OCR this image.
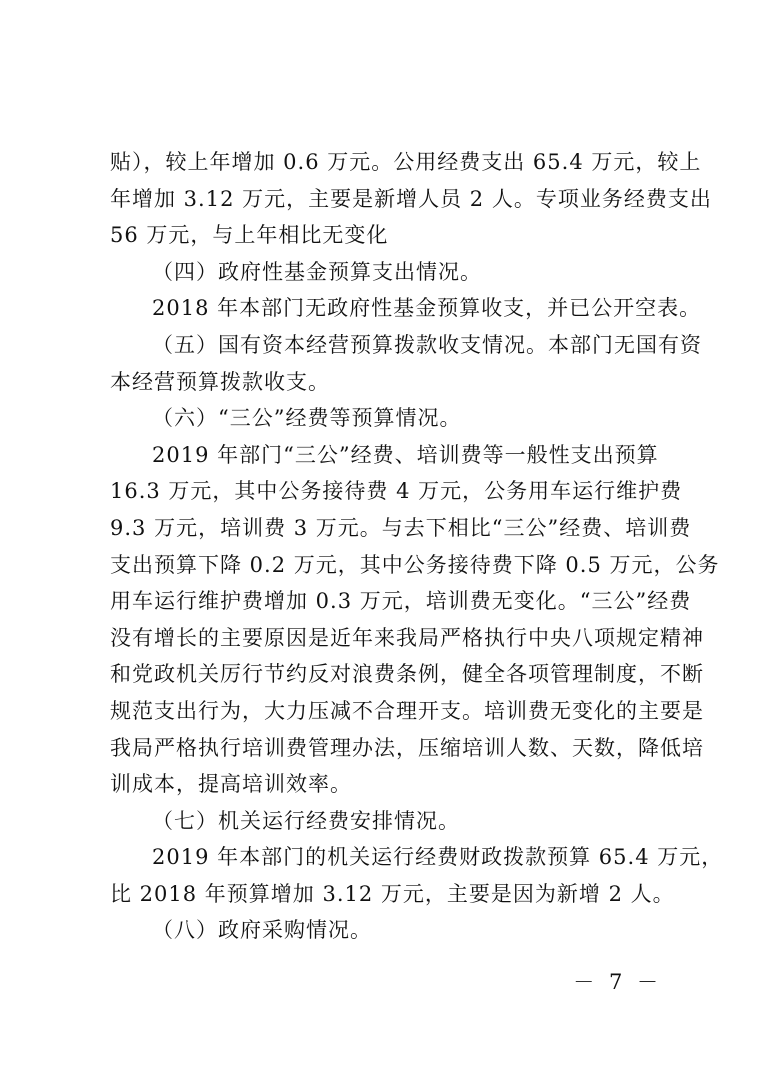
贴），较上年增加 0.6 万元。公用经费支出 65.4 万元，较上

年增加 3.12 万元，主要是新增人员 2 人。专项业务经费支出

56 万元，与上年相比无变化

（四）政府性基金预算支出情况。

2018 年本部门无政府性基金预算收支，并已公开空表。

（五）国有资本经营预算拨款收支情况。本部门无国有资

本经营预算拨款收支。

（六）“三公”经费等预算情况。

2019 年部门“三公”经费、培训费等一般性支出预算

16.3 万元，其中公务接待费 4 万元，公务用车运行维护费

9.3 万元，培训费 3 万元。与去下相比“三公”经费、培训费

支出预算下降 0.2 万元，其中公务接待费下降 0.5 万元，公务

用车运行维护费增加 0.3 万元，培训费无变化。“三公”经费

没有增长的主要原因是近年来我局严格执行中央八项规定精神

和党政机关厉行节约反对浪费条例，健全各项管理制度，不断

规范支出行为，大力压减不合理开支。培训费无变化的主要是

我局严格执行培训费管理办法，压缩培训人数、天数，降低培

训成本，提高培训效率。

（七）机关运行经费安排情况。

2019 年本部门的机关运行经费财政拨款预算 65.4 万元，

比 2018 年预算增加 3.12 万元，主要是因为新增 2 人。

（八）政府采购情况。

－ 7 －
